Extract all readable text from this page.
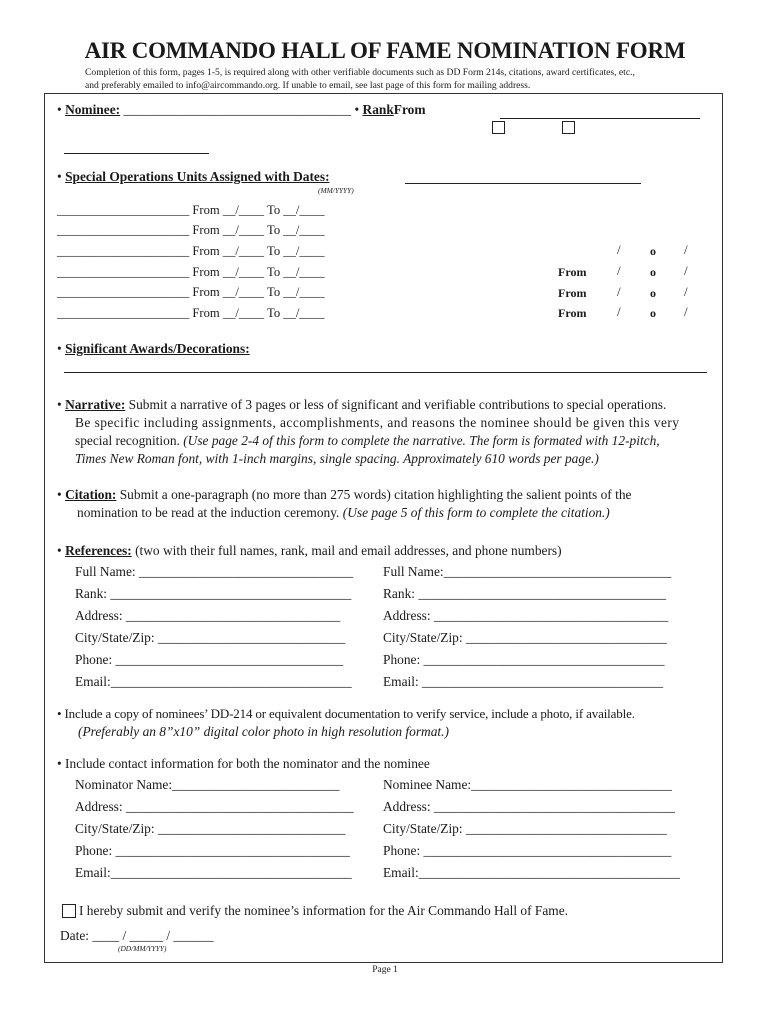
AIR COMMANDO HALL OF FAME NOMINATION FORM
Completion of this form, pages 1-5, is required along with other verifiable documents such as DD Form 214s, citations, award certificates, etc.,
and preferably emailed to info@aircommando.org. If unable to email, see last page of this form for mailing address.
• Nominee: __________________________________ • RankFrom
• Special Operations Units Assigned with Dates:
(MM/YYYY)
_____________________ From __/____ To __/____
_____________________ From __/____ To __/____
_____________________ From __/____ To __/____
_____________________ From __/____ To __/____
_____________________ From __/____ To __/____
_____________________ From __/____ To __/____
/ o /
From / o /
From / o /
From / o /
• Significant Awards/Decorations:
• Narrative: Submit a narrative of 3 pages or less of significant and verifiable contributions to special operations.
Be specific including assignments, accomplishments, and reasons the nominee should be given this very
special recognition. (Use page 2-4 of this form to complete the narrative. The form is formated with 12-pitch,
Times New Roman font, with 1-inch margins, single spacing. Approximately 610 words per page.)
• Citation: Submit a one-paragraph (no more than 275 words) citation highlighting the salient points of the
nomination to be read at the induction ceremony. (Use page 5 of this form to complete the citation.)
• References: (two with their full names, rank, mail and email addresses, and phone numbers)
Full Name: ________________________________
Rank: ____________________________________
Address: ________________________________
City/State/Zip: ____________________________
Phone: __________________________________
Email:____________________________________
Full Name:__________________________________
Rank: _____________________________________
Address: ___________________________________
City/State/Zip: ______________________________
Phone: ____________________________________
Email: ____________________________________
• Include a copy of nominees’ DD-214 or equivalent documentation to verify service, include a photo, if available.
(Preferably an 8”x10” digital color photo in high resolution format.)
• Include contact information for both the nominator and the nominee
Nominator Name:_________________________
Address: __________________________________
City/State/Zip: ____________________________
Phone: ___________________________________
Email:____________________________________
Nominee Name:______________________________
Address: ____________________________________
City/State/Zip: ______________________________
Phone: _____________________________________
Email:_______________________________________
I hereby submit and verify the nominee’s information for the Air Commando Hall of Fame.
Date: ____ / _____ / ______
(DD/MM/YYYY)
Page 1
